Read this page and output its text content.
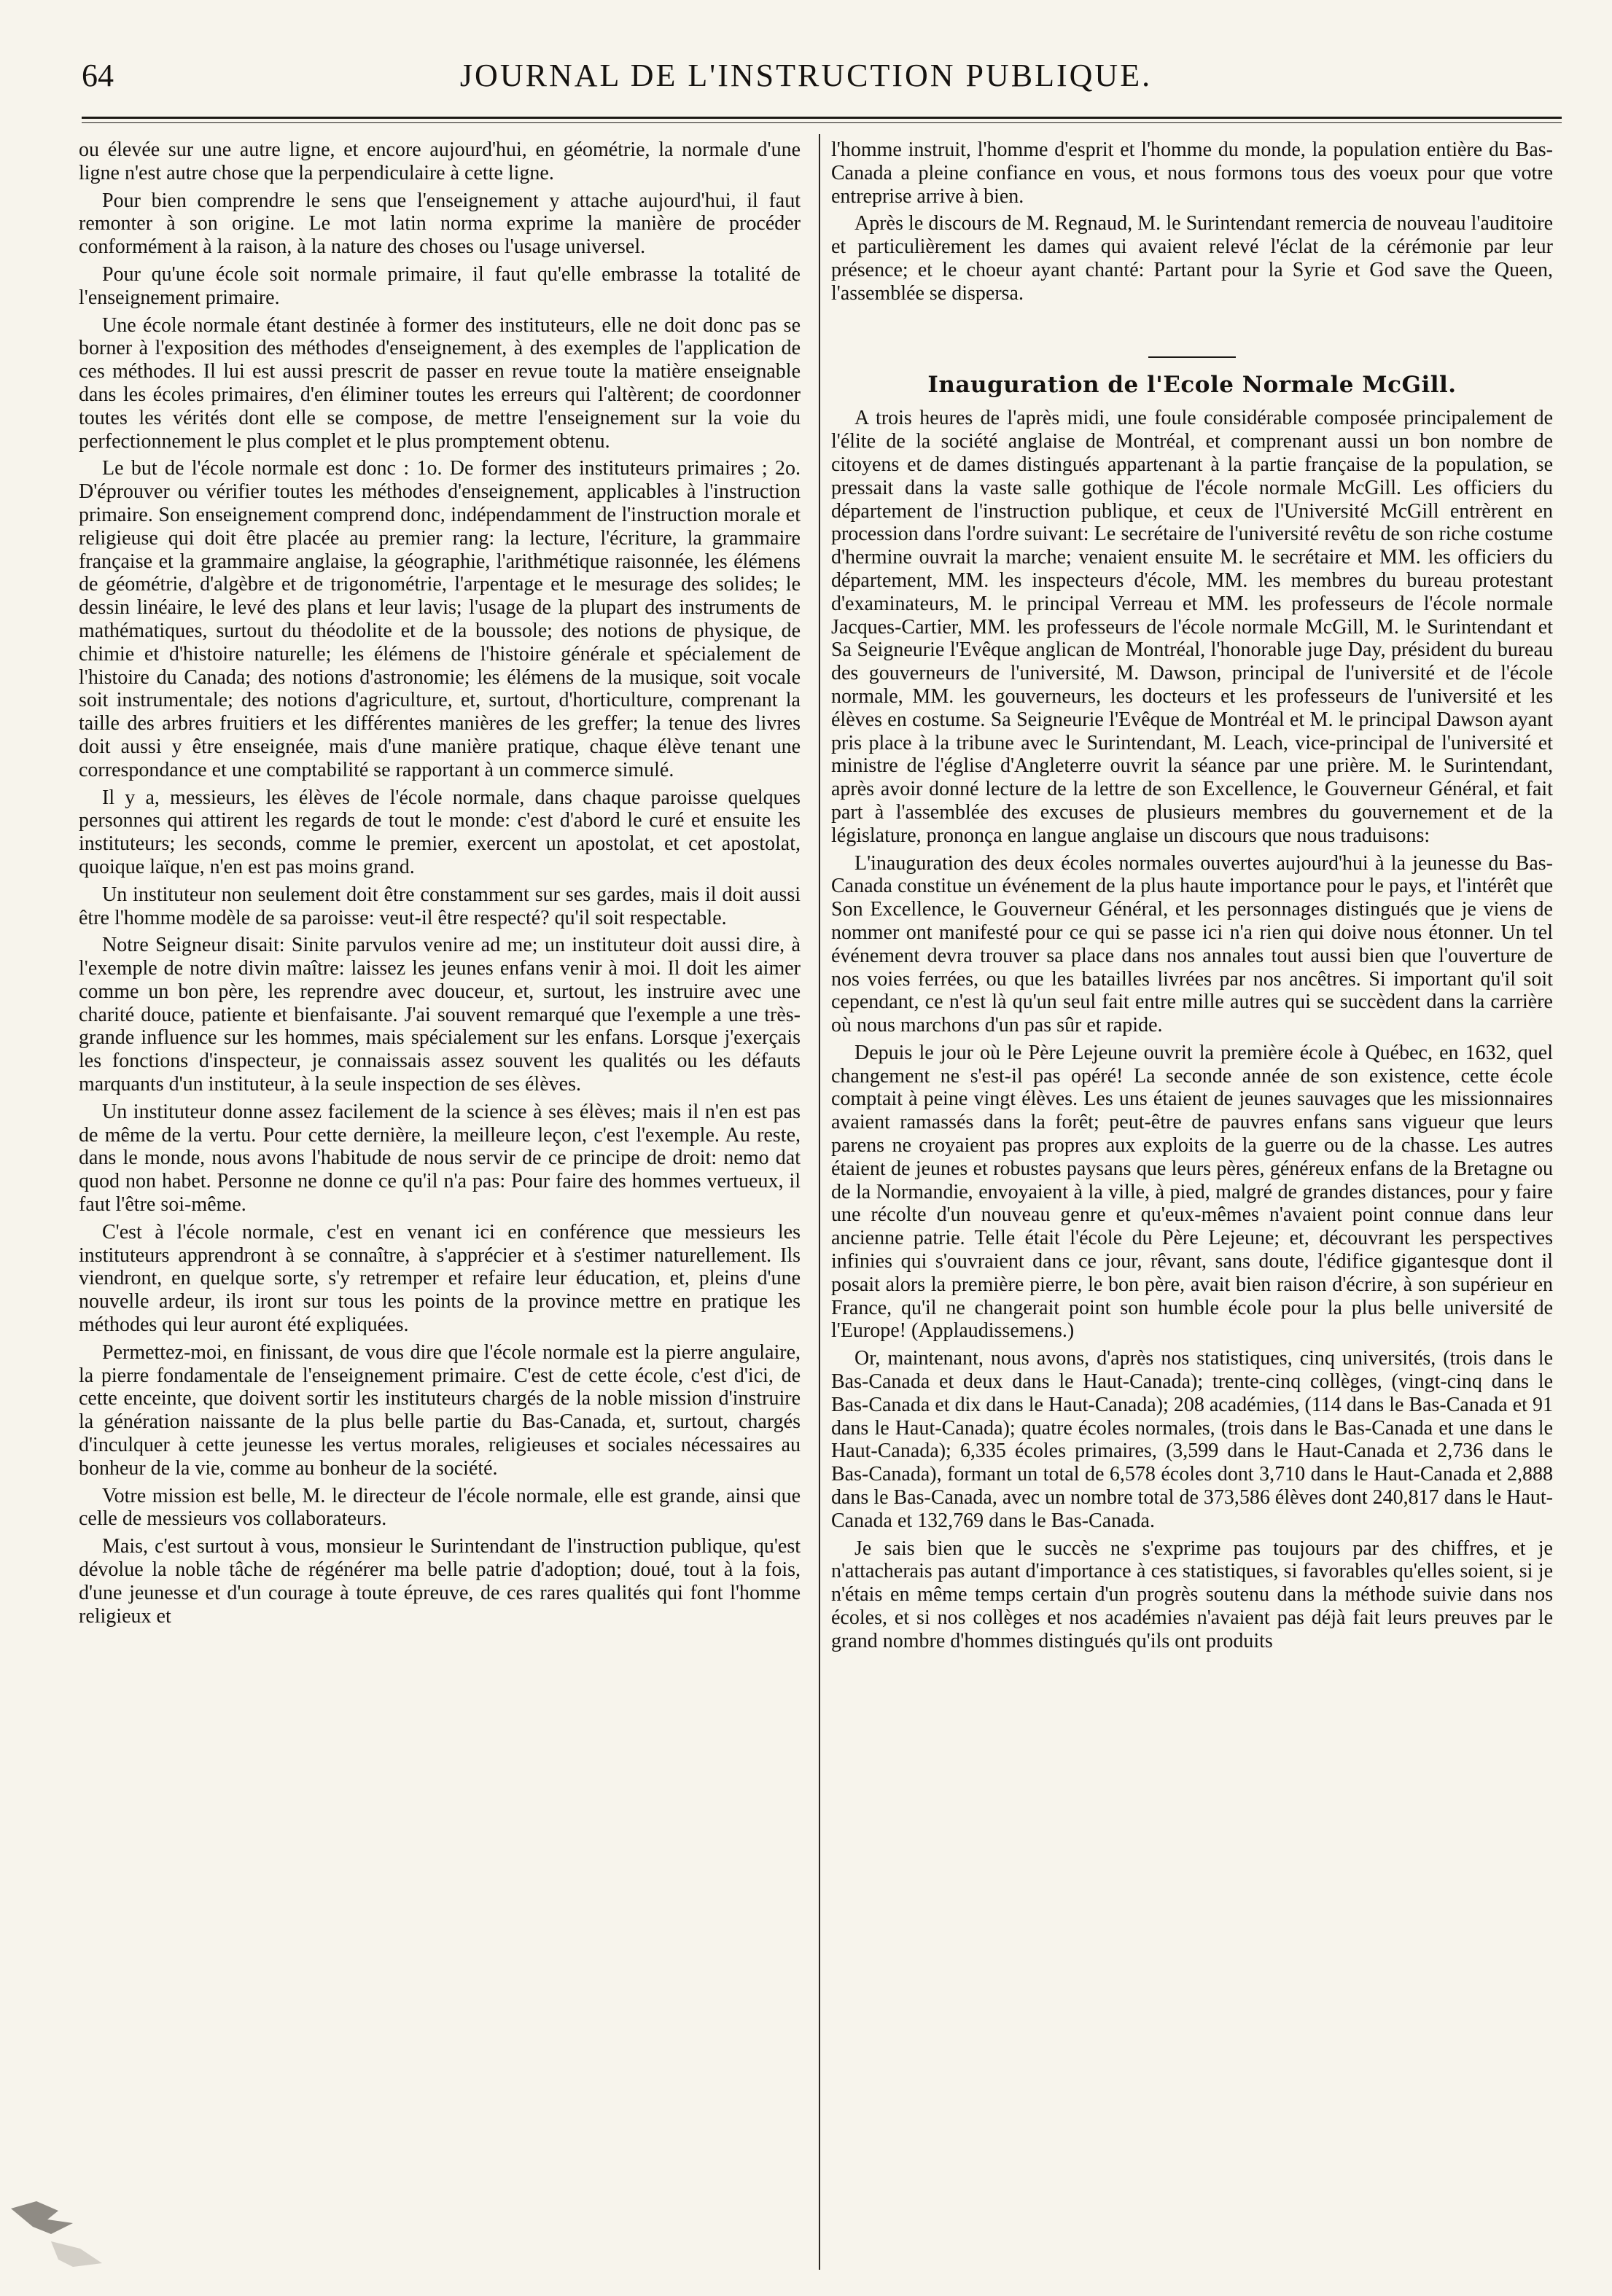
64	JOURNAL DE L'INSTRUCTION PUBLIQUE.

ou élevée sur une autre ligne, et encore aujourd'hui, en géométrie, la normale d'une ligne n'est autre chose que la perpendiculaire à cette ligne.

Pour bien comprendre le sens que l'enseignement y attache aujourd'hui, il faut remonter à son origine. Le mot latin norma exprime la manière de procéder conformément à la raison, à la nature des choses ou l'usage universel.

Pour qu'une école soit normale primaire, il faut qu'elle embrasse la totalité de l'enseignement primaire.

Une école normale étant destinée à former des instituteurs, elle ne doit donc pas se borner à l'exposition des méthodes d'enseignement, à des exemples de l'application de ces méthodes. Il lui est aussi prescrit de passer en revue toute la matière enseignable dans les écoles primaires, d'en éliminer toutes les erreurs qui l'altèrent; de coordonner toutes les vérités dont elle se compose, de mettre l'enseignement sur la voie du perfectionnement le plus complet et le plus promptement obtenu.

Le but de l'école normale est donc : 1o. De former des instituteurs primaires ; 2o. D'éprouver ou vérifier toutes les méthodes d'enseignement, applicables à l'instruction primaire. Son enseignement comprend donc, indépendamment de l'instruction morale et religieuse qui doit être placée au premier rang: la lecture, l'écriture, la grammaire française et la grammaire anglaise, la géographie, l'arithmétique raisonnée, les élémens de géométrie, d'algèbre et de trigonométrie, l'arpentage et le mesurage des solides; le dessin linéaire, le levé des plans et leur lavis; l'usage de la plupart des instruments de mathématiques, surtout du théodolite et de la boussole; des notions de physique, de chimie et d'histoire naturelle; les élémens de l'histoire générale et spécialement de l'histoire du Canada; des notions d'astronomie; les élémens de la musique, soit vocale soit instrumentale; des notions d'agriculture, et, surtout, d'horticulture, comprenant la taille des arbres fruitiers et les différentes manières de les greffer; la tenue des livres doit aussi y être enseignée, mais d'une manière pratique, chaque élève tenant une correspondance et une comptabilité se rapportant à un commerce simulé.

Il y a, messieurs, les élèves de l'école normale, dans chaque paroisse quelques personnes qui attirent les regards de tout le monde: c'est d'abord le curé et ensuite les instituteurs; les seconds, comme le premier, exercent un apostolat, et cet apostolat, quoique laïque, n'en est pas moins grand.

Un instituteur non seulement doit être constamment sur ses gardes, mais il doit aussi être l'homme modèle de sa paroisse: veut-il être respecté? qu'il soit respectable.

Notre Seigneur disait: Sinite parvulos venire ad me; un instituteur doit aussi dire, à l'exemple de notre divin maître: laissez les jeunes enfans venir à moi. Il doit les aimer comme un bon père, les reprendre avec douceur, et, surtout, les instruire avec une charité douce, patiente et bienfaisante. J'ai souvent remarqué que l'exemple a une très-grande influence sur les hommes, mais spécialement sur les enfans. Lorsque j'exerçais les fonctions d'inspecteur, je connaissais assez souvent les qualités ou les défauts marquants d'un instituteur, à la seule inspection de ses élèves.

Un instituteur donne assez facilement de la science à ses élèves; mais il n'en est pas de même de la vertu. Pour cette dernière, la meilleure leçon, c'est l'exemple. Au reste, dans le monde, nous avons l'habitude de nous servir de ce principe de droit: nemo dat quod non habet. Personne ne donne ce qu'il n'a pas: Pour faire des hommes vertueux, il faut l'être soi-même.

C'est à l'école normale, c'est en venant ici en conférence que messieurs les instituteurs apprendront à se connaître, à s'apprécier et à s'estimer naturellement. Ils viendront, en quelque sorte, s'y retremper et refaire leur éducation, et, pleins d'une nouvelle ardeur, ils iront sur tous les points de la province mettre en pratique les méthodes qui leur auront été expliquées.

Permettez-moi, en finissant, de vous dire que l'école normale est la pierre angulaire, la pierre fondamentale de l'enseignement primaire. C'est de cette école, c'est d'ici, de cette enceinte, que doivent sortir les instituteurs chargés de la noble mission d'instruire la génération naissante de la plus belle partie du Bas-Canada, et, surtout, chargés d'inculquer à cette jeunesse les vertus morales, religieuses et sociales nécessaires au bonheur de la vie, comme au bonheur de la société.

Votre mission est belle, M. le directeur de l'école normale, elle est grande, ainsi que celle de messieurs vos collaborateurs.

Mais, c'est surtout à vous, monsieur le Surintendant de l'instruction publique, qu'est dévolue la noble tâche de régénérer ma belle patrie d'adoption; doué, tout à la fois, d'une jeunesse et d'un courage à toute épreuve, de ces rares qualités qui font l'homme religieux et

l'homme instruit, l'homme d'esprit et l'homme du monde, la population entière du Bas-Canada a pleine confiance en vous, et nous formons tous des voeux pour que votre entreprise arrive à bien.

Après le discours de M. Regnaud, M. le Surintendant remercia de nouveau l'auditoire et particulièrement les dames qui avaient relevé l'éclat de la cérémonie par leur présence; et le choeur ayant chanté: Partant pour la Syrie et God save the Queen, l'assemblée se dispersa.

Inauguration de l'Ecole Normale McGill.

A trois heures de l'après midi, une foule considérable composée principalement de l'élite de la société anglaise de Montréal, et comprenant aussi un bon nombre de citoyens et de dames distingués appartenant à la partie française de la population, se pressait dans la vaste salle gothique de l'école normale McGill. Les officiers du département de l'instruction publique, et ceux de l'Université McGill entrèrent en procession dans l'ordre suivant: Le secrétaire de l'université revêtu de son riche costume d'hermine ouvrait la marche; venaient ensuite M. le secrétaire et MM. les officiers du département, MM. les inspecteurs d'école, MM. les membres du bureau protestant d'examinateurs, M. le principal Verreau et MM. les professeurs de l'école normale Jacques-Cartier, MM. les professeurs de l'école normale McGill, M. le Surintendant et Sa Seigneurie l'Evêque anglican de Montréal, l'honorable juge Day, président du bureau des gouverneurs de l'université, M. Dawson, principal de l'université et de l'école normale, MM. les gouverneurs, les docteurs et les professeurs de l'université et les élèves en costume. Sa Seigneurie l'Evêque de Montréal et M. le principal Dawson ayant pris place à la tribune avec le Surintendant, M. Leach, vice-principal de l'université et ministre de l'église d'Angleterre ouvrit la séance par une prière. M. le Surintendant, après avoir donné lecture de la lettre de son Excellence, le Gouverneur Général, et fait part à l'assemblée des excuses de plusieurs membres du gouvernement et de la législature, prononça en langue anglaise un discours que nous traduisons:

L'inauguration des deux écoles normales ouvertes aujourd'hui à la jeunesse du Bas-Canada constitue un événement de la plus haute importance pour le pays, et l'intérêt que Son Excellence, le Gouverneur Général, et les personnages distingués que je viens de nommer ont manifesté pour ce qui se passe ici n'a rien qui doive nous étonner. Un tel événement devra trouver sa place dans nos annales tout aussi bien que l'ouverture de nos voies ferrées, ou que les batailles livrées par nos ancêtres. Si important qu'il soit cependant, ce n'est là qu'un seul fait entre mille autres qui se succèdent dans la carrière où nous marchons d'un pas sûr et rapide.

Depuis le jour où le Père Lejeune ouvrit la première école à Québec, en 1632, quel changement ne s'est-il pas opéré! La seconde année de son existence, cette école comptait à peine vingt élèves. Les uns étaient de jeunes sauvages que les missionnaires avaient ramassés dans la forêt; peut-être de pauvres enfans sans vigueur que leurs parens ne croyaient pas propres aux exploits de la guerre ou de la chasse. Les autres étaient de jeunes et robustes paysans que leurs pères, généreux enfans de la Bretagne ou de la Normandie, envoyaient à la ville, à pied, malgré de grandes distances, pour y faire une récolte d'un nouveau genre et qu'eux-mêmes n'avaient point connue dans leur ancienne patrie. Telle était l'école du Père Lejeune; et, découvrant les perspectives infinies qui s'ouvraient dans ce jour, rêvant, sans doute, l'édifice gigantesque dont il posait alors la première pierre, le bon père, avait bien raison d'écrire, à son supérieur en France, qu'il ne changerait point son humble école pour la plus belle université de l'Europe! (Applaudissemens.)

Or, maintenant, nous avons, d'après nos statistiques, cinq universités, (trois dans le Bas-Canada et deux dans le Haut-Canada); trente-cinq collèges, (vingt-cinq dans le Bas-Canada et dix dans le Haut-Canada); 208 académies, (114 dans le Bas-Canada et 91 dans le Haut-Canada); quatre écoles normales, (trois dans le Bas-Canada et une dans le Haut-Canada); 6,335 écoles primaires, (3,599 dans le Haut-Canada et 2,736 dans le Bas-Canada), formant un total de 6,578 écoles dont 3,710 dans le Haut-Canada et 2,888 dans le Bas-Canada, avec un nombre total de 373,586 élèves dont 240,817 dans le Haut-Canada et 132,769 dans le Bas-Canada.

Je sais bien que le succès ne s'exprime pas toujours par des chiffres, et je n'attacherais pas autant d'importance à ces statistiques, si favorables qu'elles soient, si je n'étais en même temps certain d'un progrès soutenu dans la méthode suivie dans nos écoles, et si nos collèges et nos académies n'avaient pas déjà fait leurs preuves par le grand nombre d'hommes distingués qu'ils ont produits
